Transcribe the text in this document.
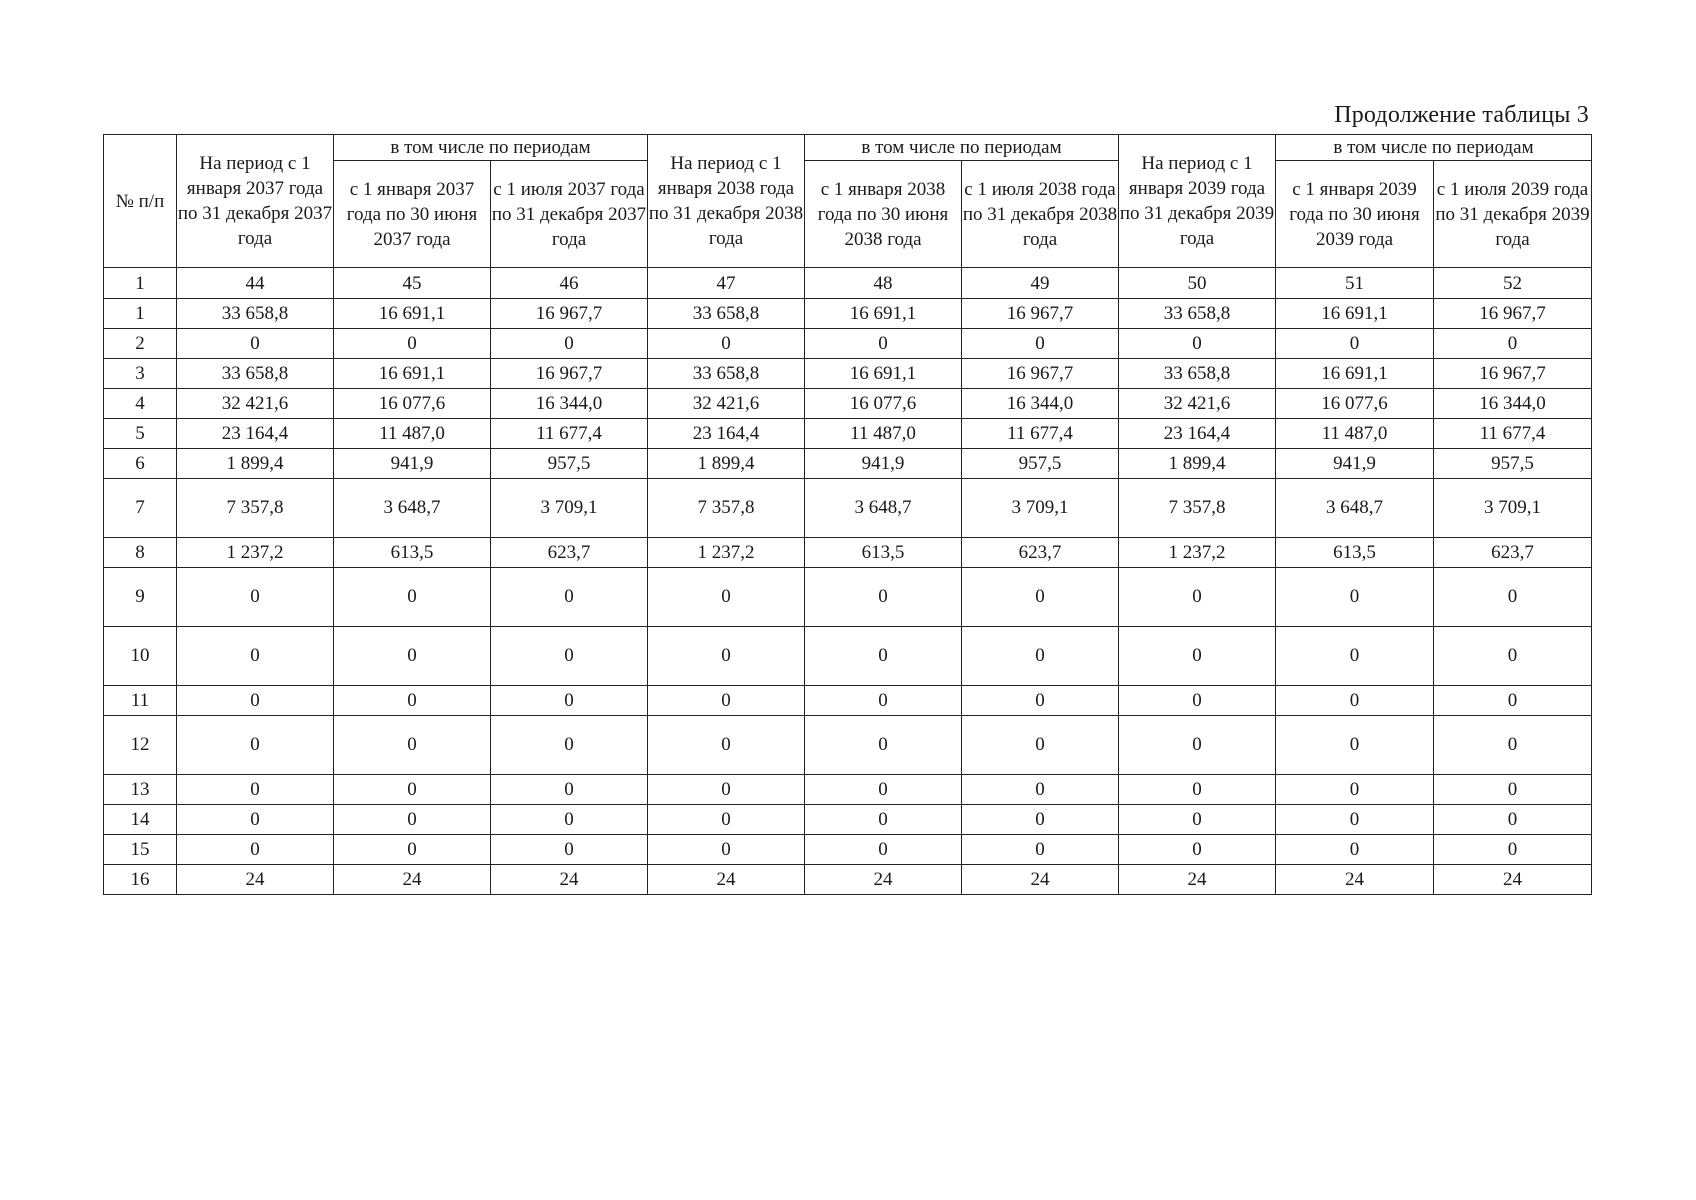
Продолжение таблицы 3
№ п/п	На период с 1 января 2037 года по 31 декабря 2037 года	в том числе по периодам		На период с 1 января 2038 года по 31 декабря 2038 года	в том числе по периодам		На период с 1 января 2039 года по 31 декабря 2039 года	в том числе по периодам	
		с 1 января 2037 года по 30 июня 2037 года	с 1 июля 2037 года по 31 декабря 2037 года		с 1 января 2038 года по 30 июня 2038 года	с 1 июля 2038 года по 31 декабря 2038 года		с 1 января 2039 года по 30 июня 2039 года	с 1 июля 2039 года по 31 декабря 2039 года
1	44	45	46	47	48	49	50	51	52
1	33 658,8	16 691,1	16 967,7	33 658,8	16 691,1	16 967,7	33 658,8	16 691,1	16 967,7
2	0	0	0	0	0	0	0	0	0
3	33 658,8	16 691,1	16 967,7	33 658,8	16 691,1	16 967,7	33 658,8	16 691,1	16 967,7
4	32 421,6	16 077,6	16 344,0	32 421,6	16 077,6	16 344,0	32 421,6	16 077,6	16 344,0
5	23 164,4	11 487,0	11 677,4	23 164,4	11 487,0	11 677,4	23 164,4	11 487,0	11 677,4
6	1 899,4	941,9	957,5	1 899,4	941,9	957,5	1 899,4	941,9	957,5
7	7 357,8	3 648,7	3 709,1	7 357,8	3 648,7	3 709,1	7 357,8	3 648,7	3 709,1
8	1 237,2	613,5	623,7	1 237,2	613,5	623,7	1 237,2	613,5	623,7
9	0	0	0	0	0	0	0	0	0
10	0	0	0	0	0	0	0	0	0
11	0	0	0	0	0	0	0	0	0
12	0	0	0	0	0	0	0	0	0
13	0	0	0	0	0	0	0	0	0
14	0	0	0	0	0	0	0	0	0
15	0	0	0	0	0	0	0	0	0
16	24	24	24	24	24	24	24	24	24
